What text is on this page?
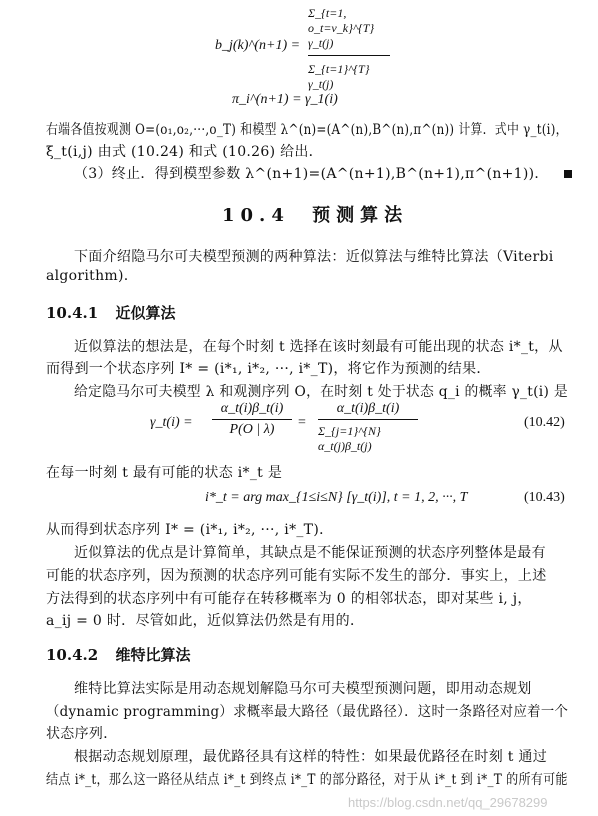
b_j(k)^(n+1) =
Σ_{t=1, o_t=v_k}^{T} γ_t(j)
Σ_{t=1}^{T} γ_t(j)
π_i^(n+1) = γ_1(i)
右端各值按观测 O=(o₁,o₂,···,o_T) 和模型 λ^(n)=(A^(n),B^(n),π^(n)) 计算．式中 γ_t(i)，
ξ_t(i,j) 由式 (10.24) 和式 (10.26) 给出．
（3）终止．得到模型参数 λ^(n+1)=(A^(n+1),B^(n+1),π^(n+1))．
10.4 预测算法
下面介绍隐马尔可夫模型预测的两种算法：近似算法与维特比算法（Viterbi
algorithm).
10.4.1 近似算法
近似算法的想法是，在每个时刻 t 选择在该时刻最有可能出现的状态 i*_t，从
而得到一个状态序列 I* = (i*₁, i*₂, ···, i*_T)，将它作为预测的结果．
给定隐马尔可夫模型 λ 和观测序列 O，在时刻 t 处于状态 q_i 的概率 γ_t(i) 是
γ_t(i) =
α_t(i)β_t(i)
P(O | λ) =
α_t(i)β_t(i)
Σ_{j=1}^{N} α_t(j)β_t(j)
(10.42)
在每一时刻 t 最有可能的状态 i*_t 是
i*_t = arg max_{1≤i≤N} [γ_t(i)], t = 1, 2, ···, T	(10.43)
从而得到状态序列 I* = (i*₁, i*₂, ···, i*_T)．
近似算法的优点是计算简单，其缺点是不能保证预测的状态序列整体是最有
可能的状态序列，因为预测的状态序列可能有实际不发生的部分．事实上，上述
方法得到的状态序列中有可能存在转移概率为 0 的相邻状态，即对某些 i, j，
a_ij = 0 时．尽管如此，近似算法仍然是有用的．
10.4.2 维特比算法
维特比算法实际是用动态规划解隐马尔可夫模型预测问题，即用动态规划
（dynamic programming）求概率最大路径（最优路径）．这时一条路径对应着一个
状态序列．
根据动态规划原理，最优路径具有这样的特性：如果最优路径在时刻 t 通过
结点 i*_t，那么这一路径从结点 i*_t 到终点 i*_T 的部分路径，对于从 i*_t 到 i*_T 的所有可能
https://blog.csdn.net/qq_29678299
